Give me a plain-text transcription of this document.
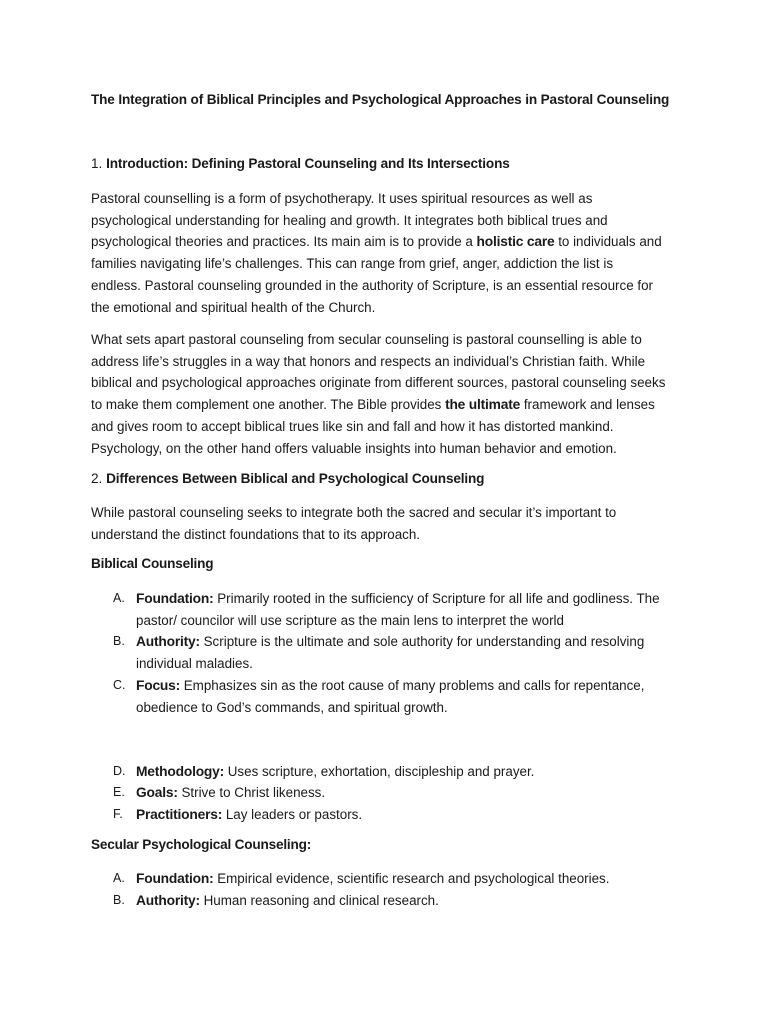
The Integration of Biblical Principles and Psychological Approaches in Pastoral Counseling
1. Introduction: Defining Pastoral Counseling and Its Intersections
Pastoral counselling is a form of psychotherapy. It uses spiritual resources as well as
psychological understanding for healing and growth. It integrates both biblical trues and
psychological theories and practices. Its main aim is to provide a holistic care to individuals and
families navigating life’s challenges. This can range from grief, anger, addiction the list is
endless. Pastoral counseling grounded in the authority of Scripture, is an essential resource for
the emotional and spiritual health of the Church.
What sets apart pastoral counseling from secular counseling is pastoral counselling is able to
address life’s struggles in a way that honors and respects an individual’s Christian faith. While
biblical and psychological approaches originate from different sources, pastoral counseling seeks
to make them complement one another. The Bible provides the ultimate framework and lenses
and gives room to accept biblical trues like sin and fall and how it has distorted mankind.
Psychology, on the other hand offers valuable insights into human behavior and emotion.
2. Differences Between Biblical and Psychological Counseling
While pastoral counseling seeks to integrate both the sacred and secular it’s important to
understand the distinct foundations that to its approach.
Biblical Counseling
A. Foundation: Primarily rooted in the sufficiency of Scripture for all life and godliness. The
pastor/ councilor will use scripture as the main lens to interpret the world
B. Authority: Scripture is the ultimate and sole authority for understanding and resolving
individual maladies.
C. Focus: Emphasizes sin as the root cause of many problems and calls for repentance,
obedience to God’s commands, and spiritual growth.
D. Methodology: Uses scripture, exhortation, discipleship and prayer.
E. Goals: Strive to Christ likeness.
F. Practitioners: Lay leaders or pastors.
Secular Psychological Counseling:
A. Foundation: Empirical evidence, scientific research and psychological theories.
B. Authority: Human reasoning and clinical research.
